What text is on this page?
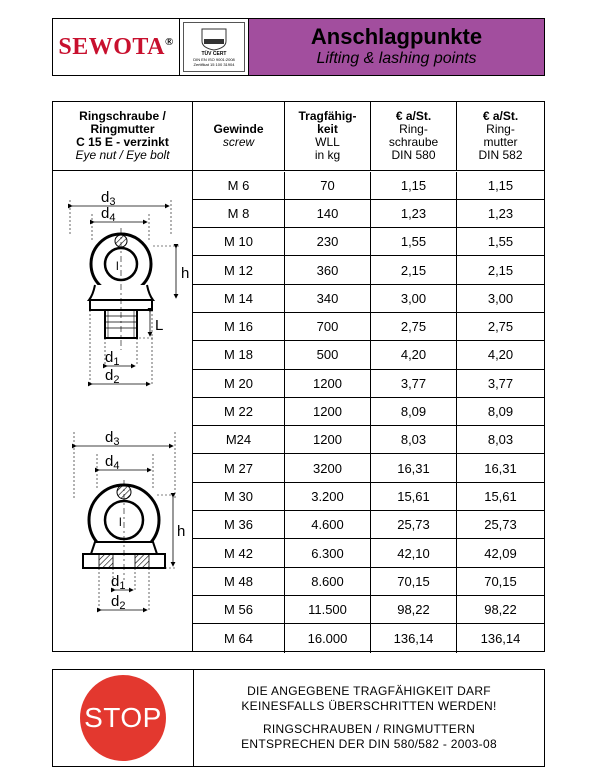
SEWOTA®
TÜV CERT
DIN EN ISO 9001:2008
Zertifikat 15 100 31904
Anschlagpunkte
Lifting & lashing points
Ringschraube /
Ringmutter
C 15 E - verzinkt
Eye nut / Eye bolt
Gewinde
screw
Tragfähig-
keit
WLL
in kg
€ a/St.
Ring-
schraube
DIN 580
€ a/St.
Ring-
mutter
DIN 582
$d_3$
$d_4$
l	h
L
$d_1$
$d_2$
$d_3$
$d_4$
l
h
$d_1$
$d_2$
M 6	70	1,15	1,15
M 8	140	1,23	1,23
M 10	230	1,55	1,55
M 12	360	2,15	2,15
M 14	340	3,00	3,00
M 16	700	2,75	2,75
M 18	500	4,20	4,20
M 20	1200	3,77	3,77
M 22	1200	8,09	8,09
M24	1200	8,03	8,03
M 27	3200	16,31	16,31
M 30	3.200	15,61	15,61
M 36	4.600	25,73	25,73
M 42	6.300	42,10	42,09
M 48	8.600	70,15	70,15
M 56	11.500	98,22	98,22
M 64	16.000	136,14	136,14
STOP

DIE ANGEGBENE TRAGFÄHIGKEIT DARF
KEINESFALLS ÜBERSCHRITTEN WERDEN!

RINGSCHRAUBEN / RINGMUTTERN
ENTSPRECHEN DER DIN 580/582 - 2003-08
